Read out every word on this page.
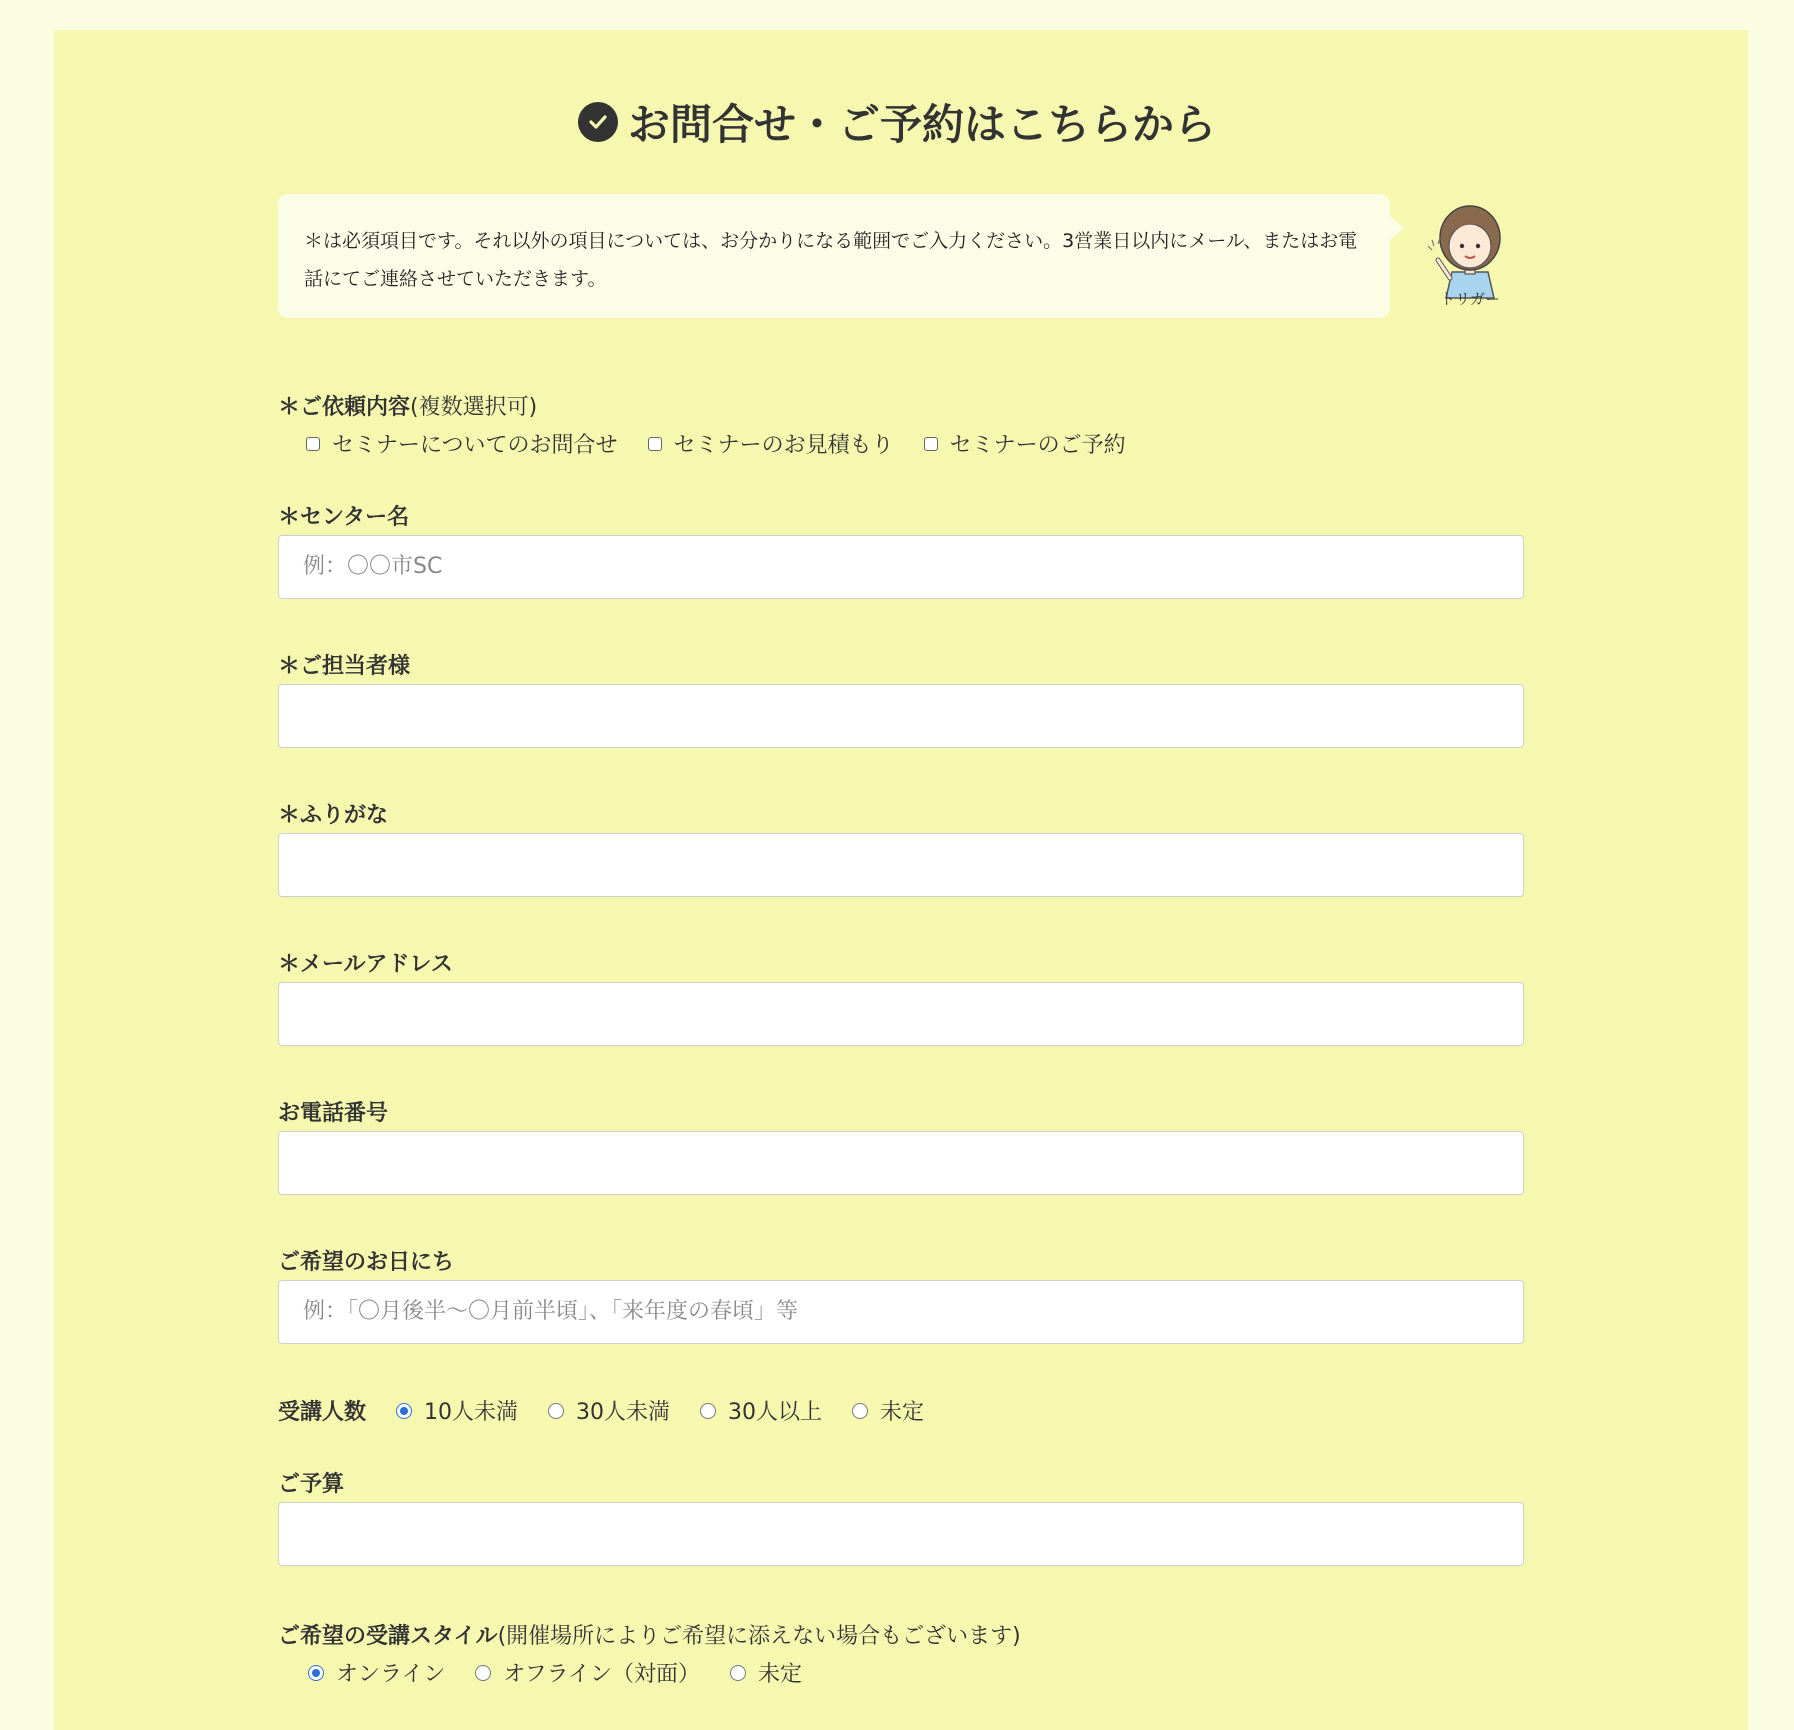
お問合せ・ご予約はこちらから
＊は必須項目です。それ以外の項目については、お分かりになる範囲でご入力ください。3営業日以内にメール、またはお電話にてご連絡させていただきます。
トリガー
＊ご依頼内容(複数選択可)
セミナーについてのお問合せ	セミナーのお見積もり	セミナーのご予約
＊センター名
例：〇〇市SC
＊ご担当者様
＊ふりがな
＊メールアドレス
お電話番号
ご希望のお日にち
例：「〇月後半〜〇月前半頃」、「来年度の春頃」等
受講人数	10人未満	30人未満	30人以上	未定
ご予算
ご希望の受講スタイル(開催場所によりご希望に添えない場合もございます)
オンライン	オフライン（対面）	未定
